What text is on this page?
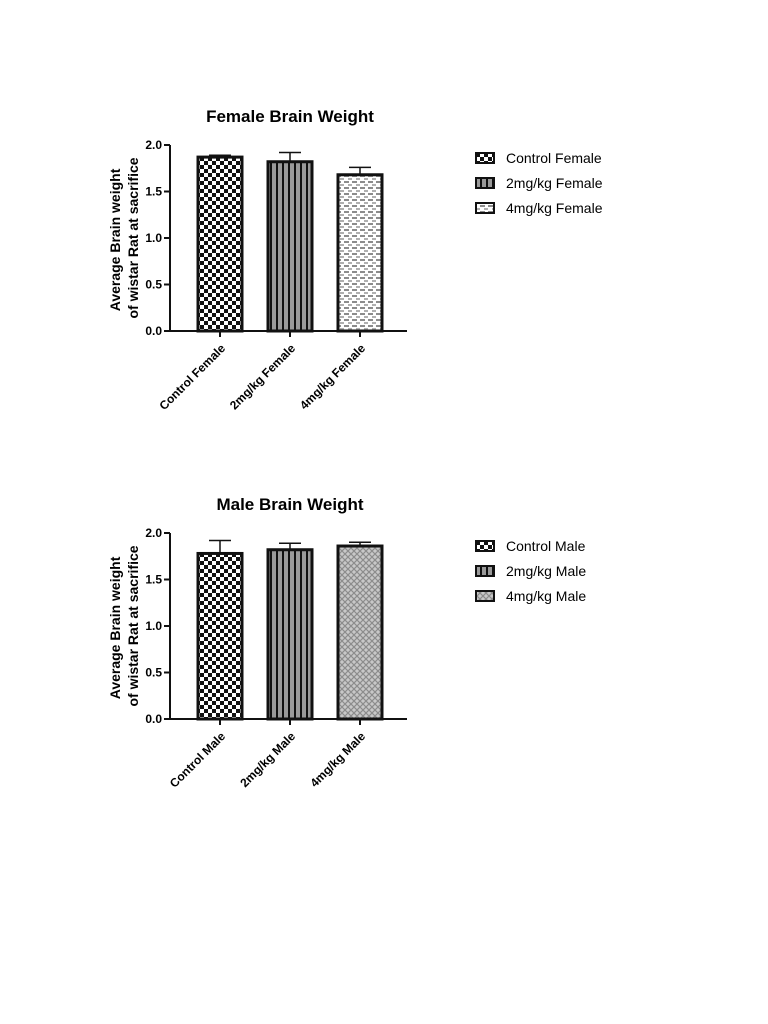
Female Brain Weight
Average Brain weight of wistar Rat at sacrifice
0.0
0.5
1.0
1.5
2.0
Control Female
2mg/kg Female
4mg/kg Female
Control Female
2mg/kg Female
4mg/kg Female
Male Brain Weight
Average Brain weight of wistar Rat at sacrifice
0.0
0.5
1.0
1.5
2.0
Control Male 2mg/kg Male 4mg/kg Male
Control Male
2mg/kg Male
4mg/kg Male
